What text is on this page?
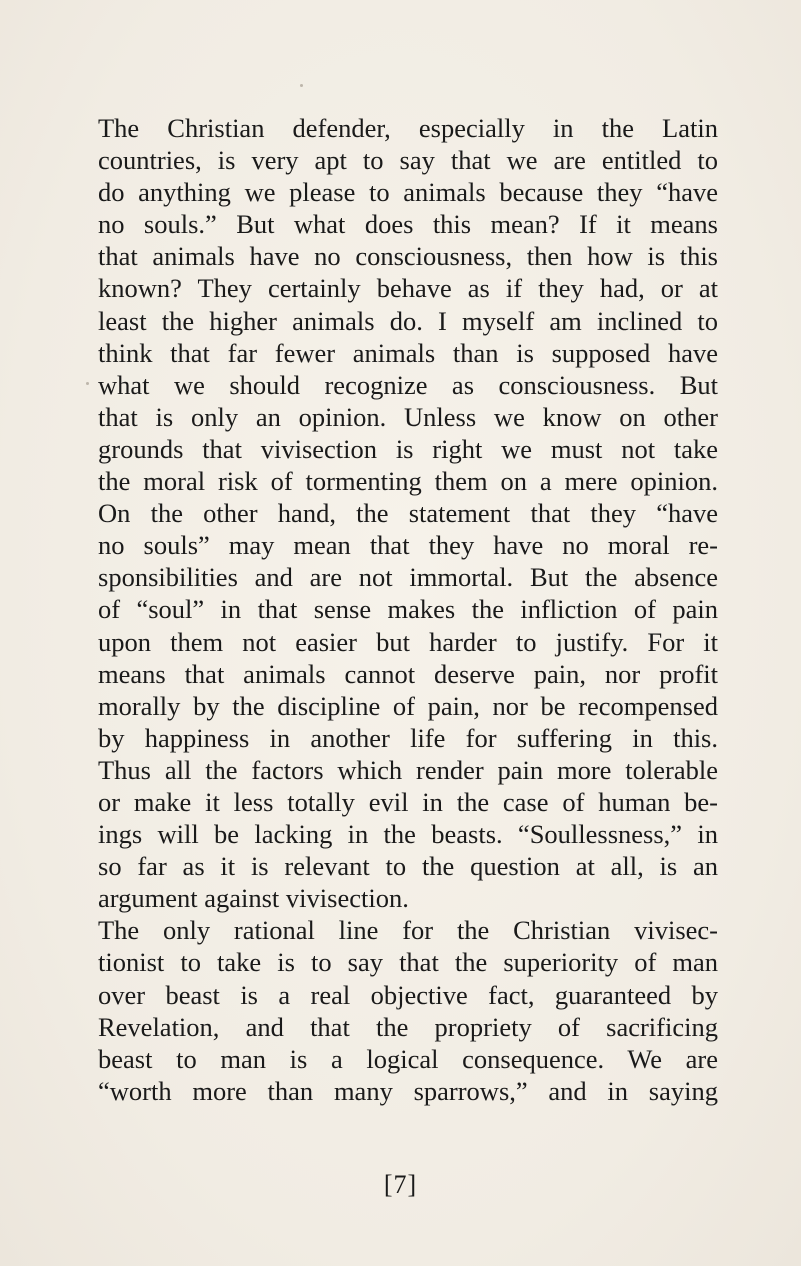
The Christian defender, especially in the Latin
countries, is very apt to say that we are entitled to
do anything we please to animals because they “have
no souls.” But what does this mean? If it means
that animals have no consciousness, then how is this
known? They certainly behave as if they had, or at
least the higher animals do. I myself am inclined to
think that far fewer animals than is supposed have
what we should recognize as consciousness. But
that is only an opinion. Unless we know on other
grounds that vivisection is right we must not take
the moral risk of tormenting them on a mere opinion.
On the other hand, the statement that they “have
no souls” may mean that they have no moral re-
sponsibilities and are not immortal. But the absence
of “soul” in that sense makes the infliction of pain
upon them not easier but harder to justify. For it
means that animals cannot deserve pain, nor profit
morally by the discipline of pain, nor be recompensed
by happiness in another life for suffering in this.
Thus all the factors which render pain more tolerable
or make it less totally evil in the case of human be-
ings will be lacking in the beasts. “Soullessness,” in
so far as it is relevant to the question at all, is an
argument against vivisection.
The only rational line for the Christian vivisec-
tionist to take is to say that the superiority of man
over beast is a real objective fact, guaranteed by
Revelation, and that the propriety of sacrificing
beast to man is a logical consequence. We are
“worth more than many sparrows,” and in saying
[7]
